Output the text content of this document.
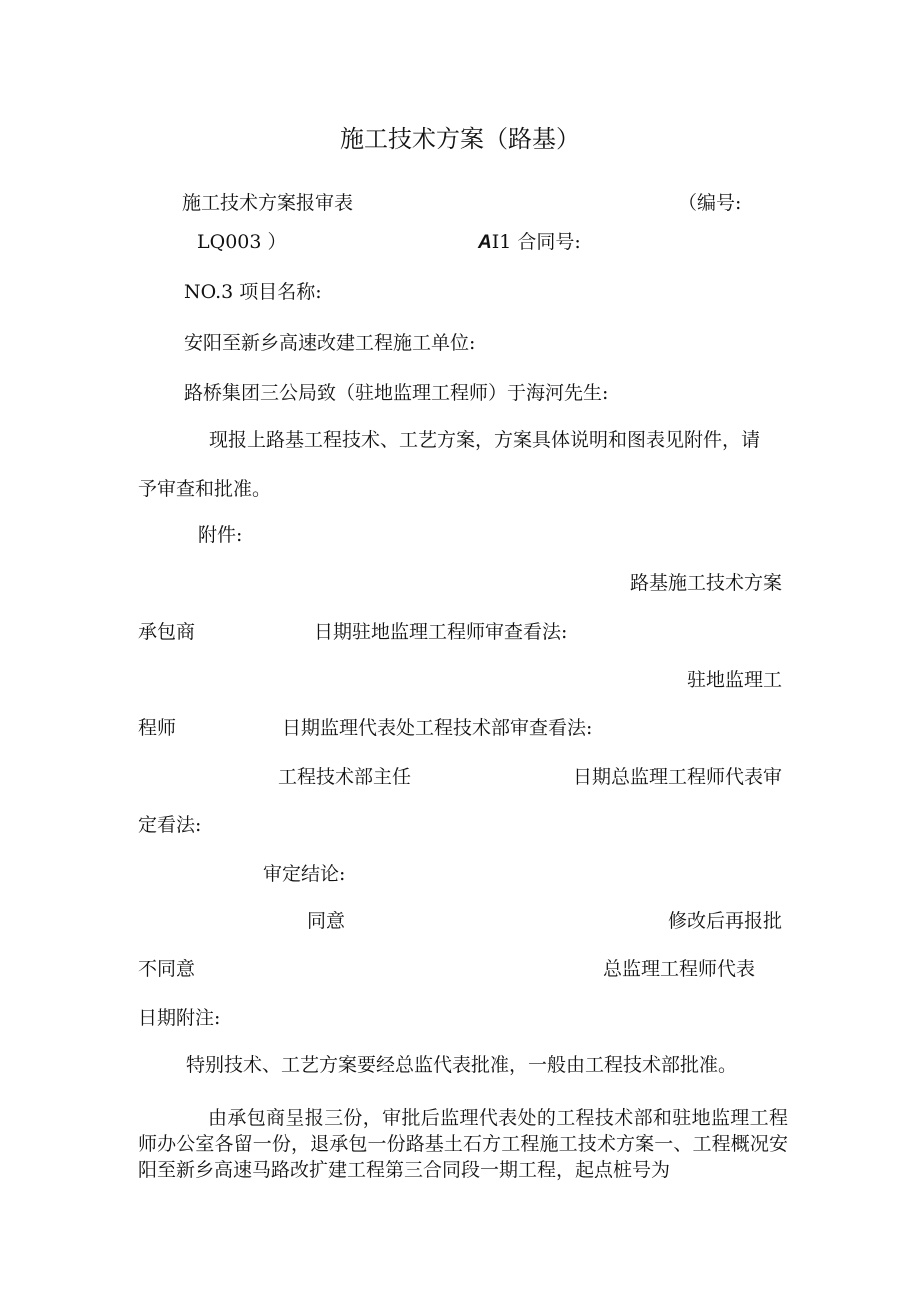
施工技术方案（路基）
施工技术方案报审表	（编号:
LQ003 ）	AI1 合同号:
NO.3 项目名称:
安阳至新乡高速改建工程施工单位:
路桥集团三公局致（驻地监理工程师）于海河先生:
现报上路基工程技术、工艺方案，方案具体说明和图表见附件，请
予审查和批准。
附件:
路基施工技术方案
承包商	日期驻地监理工程师审查看法:
驻地监理工
程师	日期监理代表处工程技术部审查看法:
工程技术部主任	日期总监理工程师代表审
定看法:
审定结论:
同意	修改后再报批
不同意	总监理工程师代表
日期附注:
特别技术、工艺方案要经总监代表批准，一般由工程技术部批准。
由承包商呈报三份，审批后监理代表处的工程技术部和驻地监理工程师办公室各留一份，退承包一份路基土石方工程施工技术方案一、工程概况安阳至新乡高速马路改扩建工程第三合同段一期工程，起点桩号为
